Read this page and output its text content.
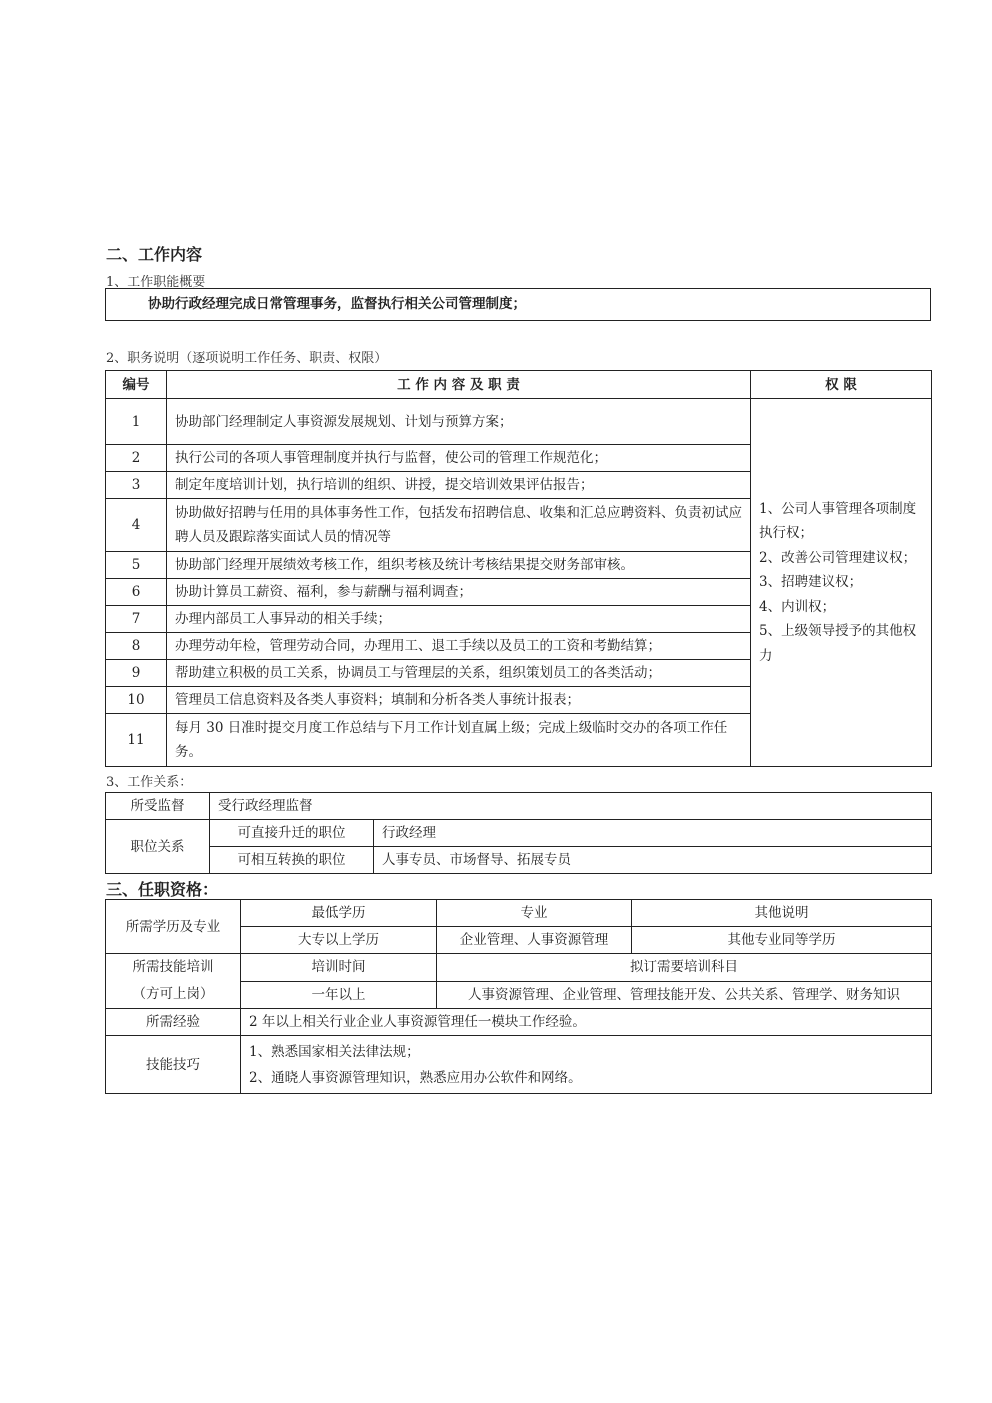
二、工作内容
1、工作职能概要
协助行政经理完成日常管理事务，监督执行相关公司管理制度；
2、职务说明（逐项说明工作任务、职责、权限）
编号	工 作 内 容 及 职 责	权 限
1	协助部门经理制定人事资源发展规划、计划与预算方案；	1、公司人事管理各项制度执行权；
2、改善公司管理建议权；
3、招聘建议权；
4、内训权；
5、上级领导授予的其他权力

2	执行公司的各项人事管理制度并执行与监督，使公司的管理工作规范化；	
3	制定年度培训计划，执行培训的组织、讲授，提交培训效果评估报告；	
4	协助做好招聘与任用的具体事务性工作，包括发布招聘信息、收集和汇总应聘资料、负责初试应聘人员及跟踪落实面试人员的情况等	
5	协助部门经理开展绩效考核工作，组织考核及统计考核结果提交财务部审核。	
6	协助计算员工薪资、福利，参与薪酬与福利调查；	
7	办理内部员工人事异动的相关手续；	
8	办理劳动年检，管理劳动合同，办理用工、退工手续以及员工的工资和考勤结算；	
9	帮助建立积极的员工关系，协调员工与管理层的关系，组织策划员工的各类活动；	
10	管理员工信息资料及各类人事资料；填制和分析各类人事统计报表；	
11	每月 30 日准时提交月度工作总结与下月工作计划直属上级；完成上级临时交办的各项工作任务。	
3、工作关系：
所受监督	受行政经理监督	
职位关系	可直接升迁的职位	行政经理
	可相互转换的职位	人事专员、市场督导、拓展专员
三、任职资格：
所需学历及专业	最低学历	专业	其他说明
	大专以上学历	企业管理、人事资源管理	其他专业同等学历

所需技能培训
（方可上岗）	培训时间	拟订需要培训科目	
	一年以上	人事资源管理、企业管理、管理技能开发、公共关系、管理学、财务知识	
所需经验	2 年以上相关行业企业人事资源管理任一模块工作经验。		
技能技巧	1、熟悉国家相关法律法规；
2、通晓人事资源管理知识，熟悉应用办公软件和网络。		
